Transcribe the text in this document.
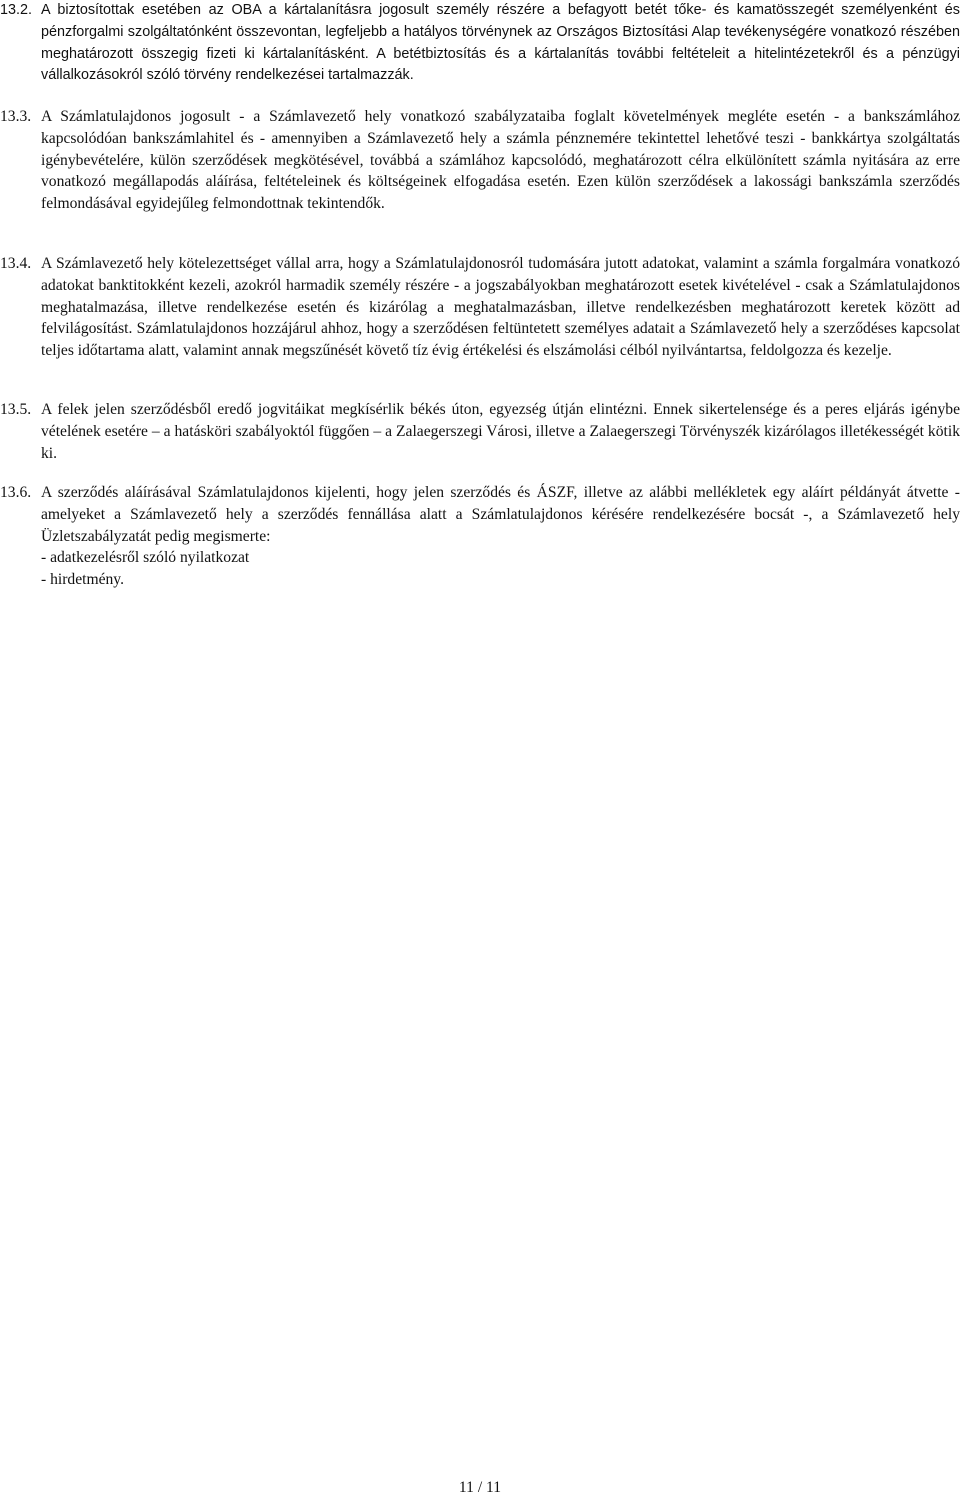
13.2. A biztosítottak esetében az OBA a kártalanításra jogosult személy részére a befagyott betét tőke- és kamatösszegét személyenként és pénzforgalmi szolgáltatónként összevontan, legfeljebb a hatályos törvénynek az Országos Biztosítási Alap tevékenységére vonatkozó részében meghatározott összegig fizeti ki kártalanításként. A betétbiztosítás és a kártalanítás további feltételeit a hitelintézetekről és a pénzügyi vállalkozásokról szóló törvény rendelkezései tartalmazzák.

13.3. A Számlatulajdonos jogosult - a Számlavezető hely vonatkozó szabályzataiba foglalt követelmények megléte esetén - a bankszámlához kapcsolódóan bankszámlahitel és - amennyiben a Számlavezető hely a számla pénznemére tekintettel lehetővé teszi - bankkártya szolgáltatás igénybevételére, külön szerződések megkötésével, továbbá a számlához kapcsolódó, meghatározott célra elkülönített számla nyitására az erre vonatkozó megállapodás aláírása, feltételeinek és költségeinek elfogadása esetén. Ezen külön szerződések a lakossági bankszámla szerződés felmondásával egyidejűleg felmondottnak tekintendők.

13.4. A Számlavezető hely kötelezettséget vállal arra, hogy a Számlatulajdonosról tudomására jutott adatokat, valamint a számla forgalmára vonatkozó adatokat banktitokként kezeli, azokról harmadik személy részére - a jogszabályokban meghatározott esetek kivételével - csak a Számlatulajdonos meghatalmazása, illetve rendelkezése esetén és kizárólag a meghatalmazásban, illetve rendelkezésben meghatározott keretek között ad felvilágosítást. Számlatulajdonos hozzájárul ahhoz, hogy a szerződésen feltüntetett személyes adatait a Számlavezető hely a szerződéses kapcsolat teljes időtartama alatt, valamint annak megszűnését követő tíz évig értékelési és elszámolási célból nyilvántartsa, feldolgozza és kezelje.

13.5. A felek jelen szerződésből eredő jogvitáikat megkísérlik békés úton, egyezség útján elintézni. Ennek sikertelensége és a peres eljárás igénybe vételének esetére – a hatásköri szabályoktól függően – a Zalaegerszegi Városi, illetve a Zalaegerszegi Törvényszék kizárólagos illetékességét kötik ki.

13.6. A szerződés aláírásával Számlatulajdonos kijelenti, hogy jelen szerződés és ÁSZF, illetve az alábbi mellékletek egy aláírt példányát átvette - amelyeket a Számlavezető hely a szerződés fennállása alatt a Számlatulajdonos kérésére rendelkezésére bocsát -, a Számlavezető hely Üzletszabályzatát pedig megismerte:

- adatkezelésről szóló nyilatkozat

- hirdetmény.

11 / 11
